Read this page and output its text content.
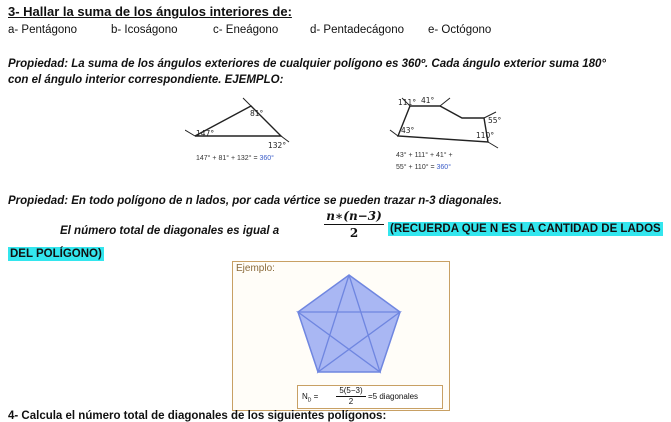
3- Hallar la suma de los ángulos interiores de:
a- Pentágono	b- Icoságono	c- Eneágono	d- Pentadecágono e- Octógono
Propiedad: La suma de los ángulos exteriores de cualquier polígono es 360º. Cada ángulo exterior suma 180°
con el ángulo interior correspondiente. EJEMPLO:
81°
147°
132°
147° + 81° + 132° = 360°
111° 41°
55°
43°
110°
43° + 111° + 41° +
55° + 110° = 360°
Propiedad: En todo polígono de n lados, por cada vértice se pueden trazar n-3 diagonales.
El número total de diagonales es igual a	$\frac{n∗(n-3)}{2}$ (RECUERDA QUE N ES LA CANTIDAD DE LADOS
DEL POLÍGONO)
Ejemplo:
$N_D$ =
5(5−3)
2
=5 diagonales
4- Calcula el número total de diagonales de los siguientes polígonos:
